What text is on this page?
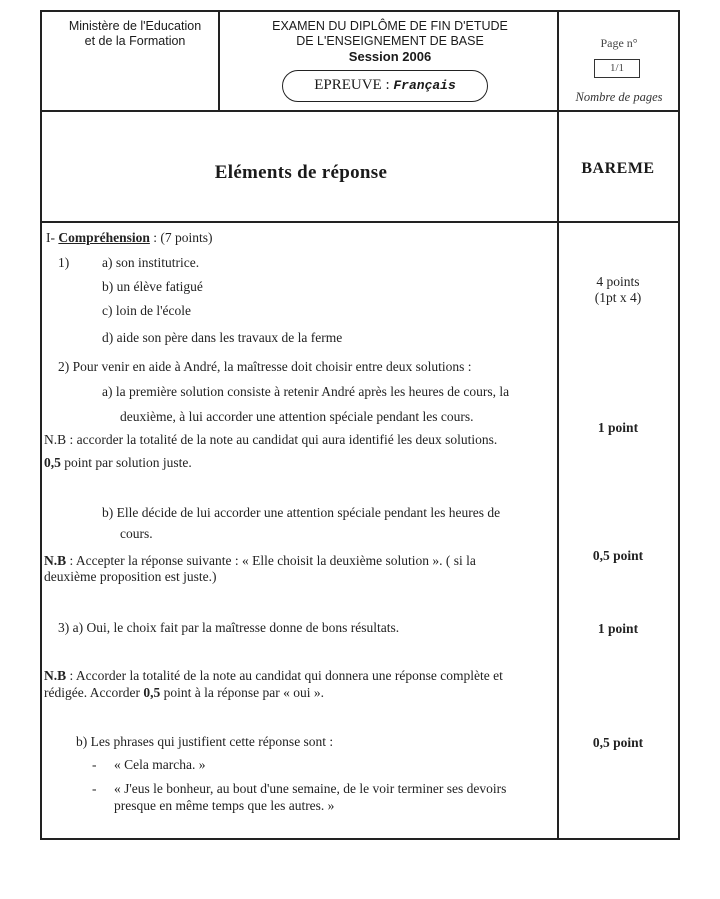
Ministère de l'Education
et de la Formation
EXAMEN DU DIPLÔME DE FIN D'ETUDE
DE L'ENSEIGNEMENT DE BASE
Session 2006
EPREUVE : Français
Page n°
1/1
Nombre de pages
Eléments de réponse	BAREME
I- Compréhension : (7 points)
1) a) son institutrice.
b) un élève fatigué
c) loin de l'école
d) aide son père dans les travaux de la ferme
4 points
(1pt x 4)
2) Pour venir en aide à André, la maîtresse doit choisir entre deux solutions :
a) la première solution consiste à retenir André après les heures de cours, la
deuxième, à lui accorder une attention spéciale pendant les cours.
N.B : accorder la totalité de la note au candidat qui aura identifié les deux solutions.
0,5 point par solution juste.
1 point
b) Elle décide de lui accorder une attention spéciale pendant les heures de
cours.
N.B : Accepter la réponse suivante : « Elle choisit la deuxième solution ». ( si la
deuxième proposition est juste.)
0,5 point
3) a) Oui, le choix fait par la maîtresse donne de bons résultats.	1 point
N.B : Accorder la totalité de la note au candidat qui donnera une réponse complète et
rédigée. Accorder 0,5 point à la réponse par « oui ».
b) Les phrases qui justifient cette réponse sont :
- « Cela marcha. »
- « J'eus le bonheur, au bout d'une semaine, de le voir terminer ses devoirs
presque en même temps que les autres. »
0,5 point
